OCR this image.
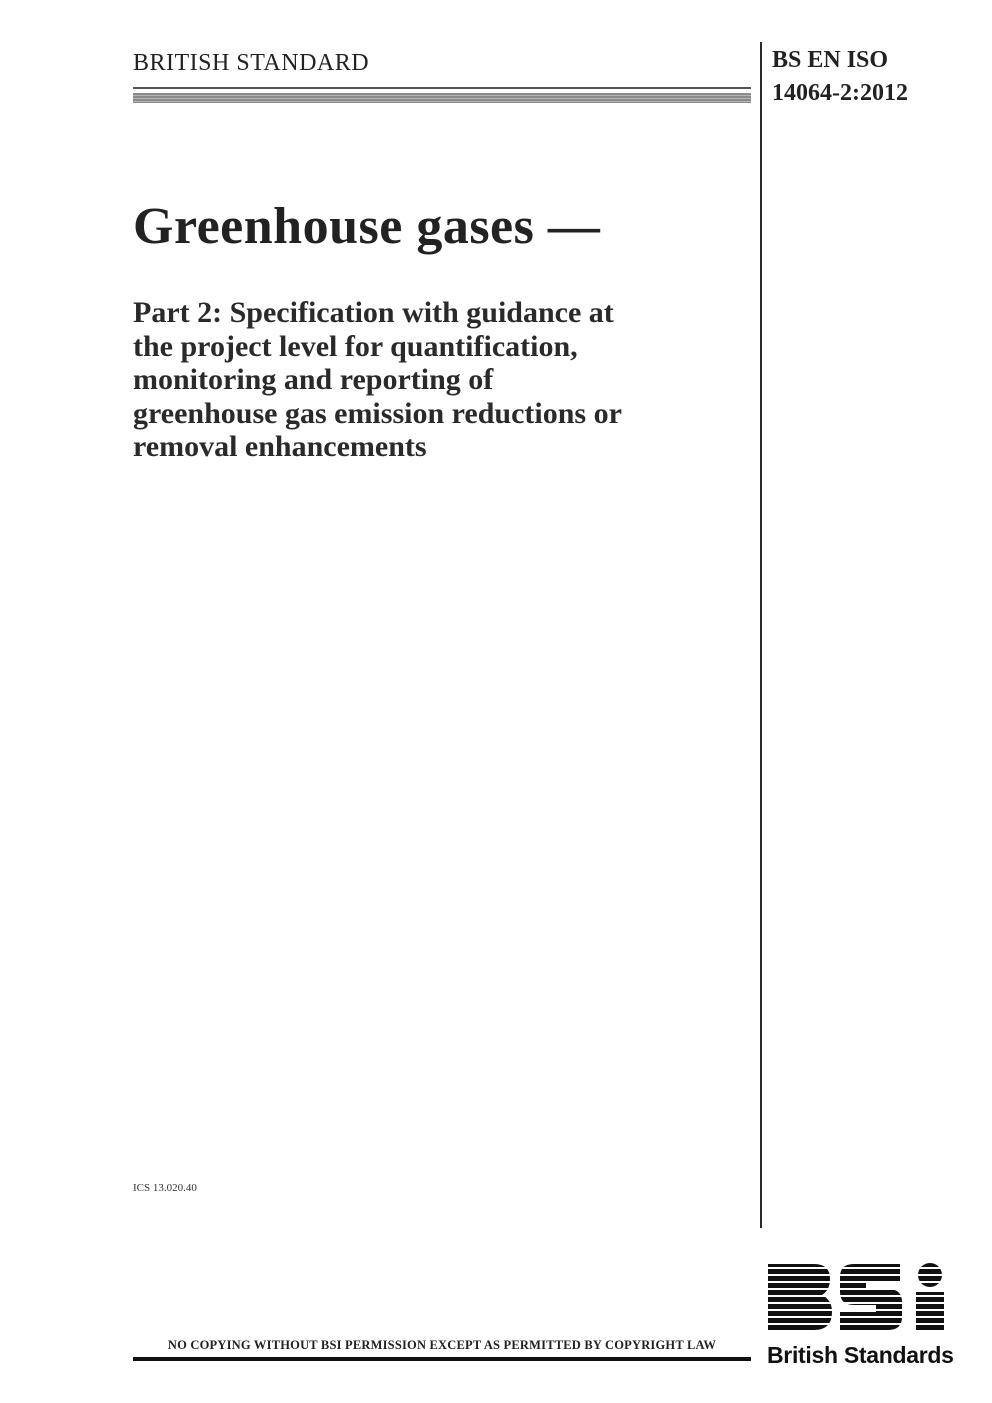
BRITISH STANDARD	BS EN ISO
14064-2:2012
Greenhouse gases —
Part 2: Specification with guidance at
the project level for quantification,
monitoring and reporting of
greenhouse gas emission reductions or
removal enhancements
ICS 13.020.40
NO COPYING WITHOUT BSI PERMISSION EXCEPT AS PERMITTED BY COPYRIGHT LAW	British Standards
